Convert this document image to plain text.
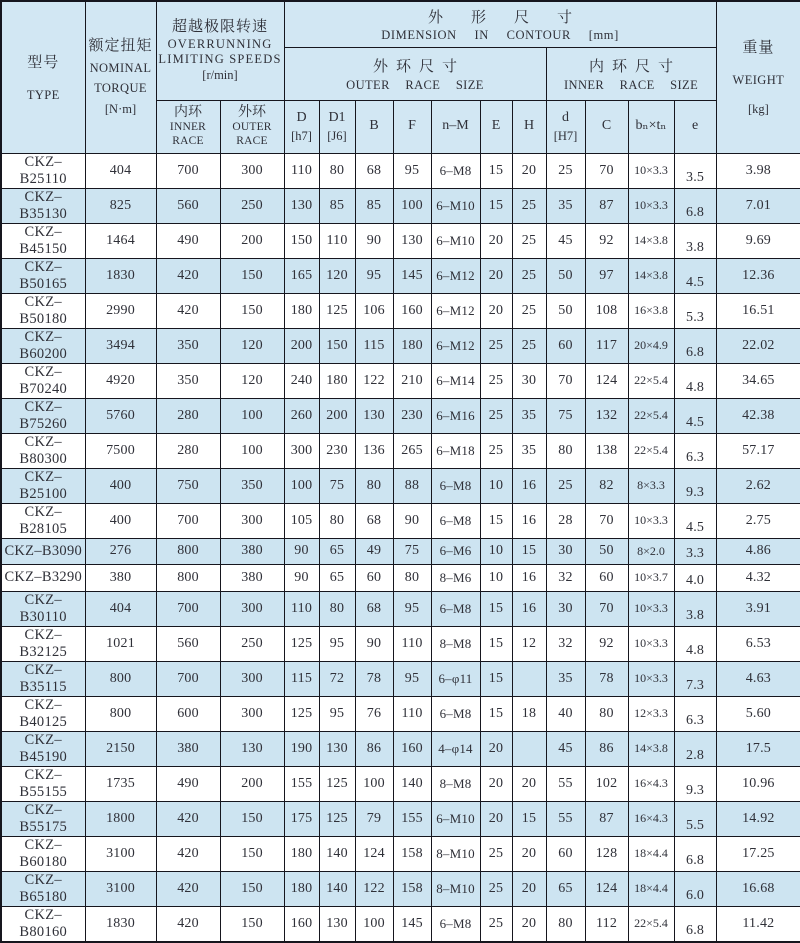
型号
TYPE

额定扭矩
NOMINAL
TORQUE
[N·m]

超越极限转速
OVERRUNNING
LIMITING SPEEDS
[r/min]

外形尺寸
DIMENSION IN CONTOUR [mm]

重量
WEIGHT
[kg]

外环尺寸
OUTER RACE SIZE

内环尺寸
INNER RACE SIZE

内环
INNER
RACE

外环
OUTER
RACE

D
[h7]

D1
[J6]

B	F	n–M	E	H

d
[H7]

C	bₙ×tₙ	e

CKZ–B25110	404	700	300	110	80	68	95	6–M8	15	20	25	70	10×3.3	3.5	3.98
CKZ–B35130	825	560	250	130	85	85	100	6–M10	15	25	35	87	10×3.3	6.8	7.01
CKZ–B45150	1464	490	200	150	110	90	130	6–M10	20	25	45	92	14×3.8	3.8	9.69
CKZ–B50165	1830	420	150	165	120	95	145	6–M12	20	25	50	97	14×3.8	4.5	12.36
CKZ–B50180	2990	420	150	180	125	106	160	6–M12	20	25	50	108	16×3.8	5.3	16.51
CKZ–B60200	3494	350	120	200	150	115	180	6–M12	25	25	60	117	20×4.9	6.8	22.02
CKZ–B70240	4920	350	120	240	180	122	210	6–M14	25	30	70	124	22×5.4	4.8	34.65
CKZ–B75260	5760	280	100	260	200	130	230	6–M16	25	35	75	132	22×5.4	4.5	42.38
CKZ–B80300	7500	280	100	300	230	136	265	6–M18	25	35	80	138	22×5.4	6.3	57.17
CKZ–B25100	400	750	350	100	75	80	88	6–M8	10	16	25	82	8×3.3	9.3	2.62
CKZ–B28105	400	700	300	105	80	68	90	6–M8	15	16	28	70	10×3.3	4.5	2.75
CKZ–B3090	276	800	380	90	65	49	75	6–M6	10	15	30	50	8×2.0	3.3	4.86
CKZ–B3290	380	800	380	90	65	60	80	8–M6	10	16	32	60	10×3.7	4.0	4.32
CKZ–B30110	404	700	300	110	80	68	95	6–M8	15	16	30	70	10×3.3	3.8	3.91
CKZ–B32125	1021	560	250	125	95	90	110	8–M8	15	12	32	92	10×3.3	4.8	6.53
CKZ–B35115	800	700	300	115	72	78	95	6–φ11	15		35	78	10×3.3	7.3	4.63
CKZ–B40125	800	600	300	125	95	76	110	6–M8	15	18	40	80	12×3.3	6.3	5.60
CKZ–B45190	2150	380	130	190	130	86	160	4–φ14	20		45	86	14×3.8	2.8	17.5
CKZ–B55155	1735	490	200	155	125	100	140	8–M8	20	20	55	102	16×4.3	9.3	10.96
CKZ–B55175	1800	420	150	175	125	79	155	6–M10	20	15	55	87	16×4.3	5.5	14.92
CKZ–B60180	3100	420	150	180	140	124	158	8–M10	25	20	60	128	18×4.4	6.8	17.25
CKZ–B65180	3100	420	150	180	140	122	158	8–M10	25	20	65	124	18×4.4	6.0	16.68
CKZ–B80160	1830	420	150	160	130	100	145	6–M8	25	20	80	112	22×5.4	6.8	11.42
